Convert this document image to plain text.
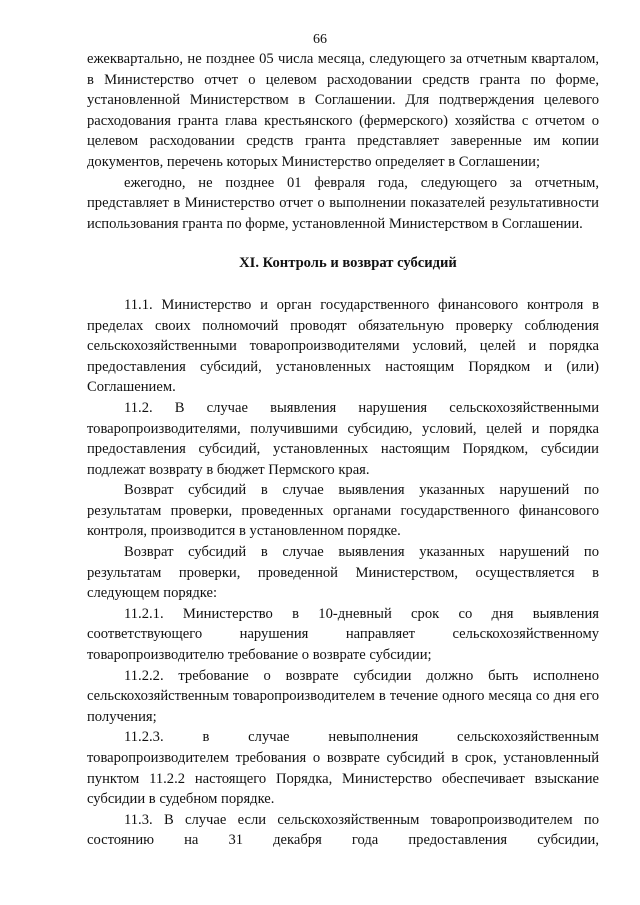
66

ежеквартально, не позднее 05 числа месяца, следующего за отчетным кварталом, в Министерство отчет о целевом расходовании средств гранта по форме, установленной Министерством в Соглашении. Для подтверждения целевого расходования гранта глава крестьянского (фермерского) хозяйства с отчетом о целевом расходовании средств гранта представляет заверенные им копии документов, перечень которых Министерство определяет в Соглашении;

ежегодно, не позднее 01 февраля года, следующего за отчетным, представляет в Министерство отчет о выполнении показателей результативности использования гранта по форме, установленной Министерством в Соглашении.

XI. Контроль и возврат субсидий

11.1. Министерство и орган государственного финансового контроля в пределах своих полномочий проводят обязательную проверку соблюдения сельскохозяйственными товаропроизводителями условий, целей и порядка предоставления субсидий, установленных настоящим Порядком и (или) Соглашением.

11.2. В случае выявления нарушения сельскохозяйственными товаропроизводителями, получившими субсидию, условий, целей и порядка предоставления субсидий, установленных настоящим Порядком, субсидии подлежат возврату в бюджет Пермского края.

Возврат субсидий в случае выявления указанных нарушений по результатам проверки, проведенных органами государственного финансового контроля, производится в установленном порядке.

Возврат субсидий в случае выявления указанных нарушений по результатам проверки, проведенной Министерством, осуществляется в следующем порядке:

11.2.1. Министерство в 10-дневный срок со дня выявления соответствующего нарушения направляет сельскохозяйственному товаропроизводителю требование о возврате субсидии;

11.2.2. требование о возврате субсидии должно быть исполнено сельскохозяйственным товаропроизводителем в течение одного месяца со дня его получения;

11.2.3. в случае невыполнения сельскохозяйственным товаропроизводителем требования о возврате субсидий в срок, установленный пунктом 11.2.2 настоящего Порядка, Министерство обеспечивает взыскание субсидии в судебном порядке.

11.3. В случае если сельскохозяйственным товаропроизводителем по состоянию на 31 декабря года предоставления субсидии,
